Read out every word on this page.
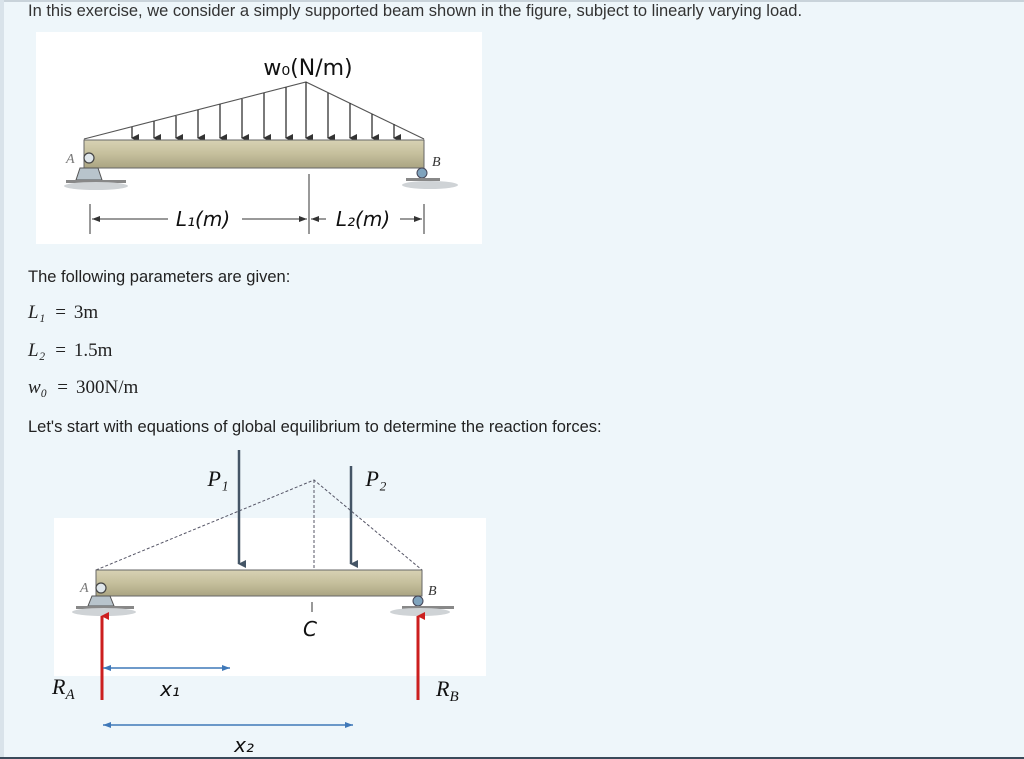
In this exercise, we consider a simply supported beam shown in the figure, subject to linearly varying load.
w₀(N/m)
A	B
L₁(m)	L₂(m)
The following parameters are given:
L₁ = 3m
L₂ = 1.5m
w₀ = 300N/m
Let's start with equations of global equilibrium to determine the reaction forces:
P₁	P₂
A	B
C
$R_A$	$R_B$
x₁
x₂
